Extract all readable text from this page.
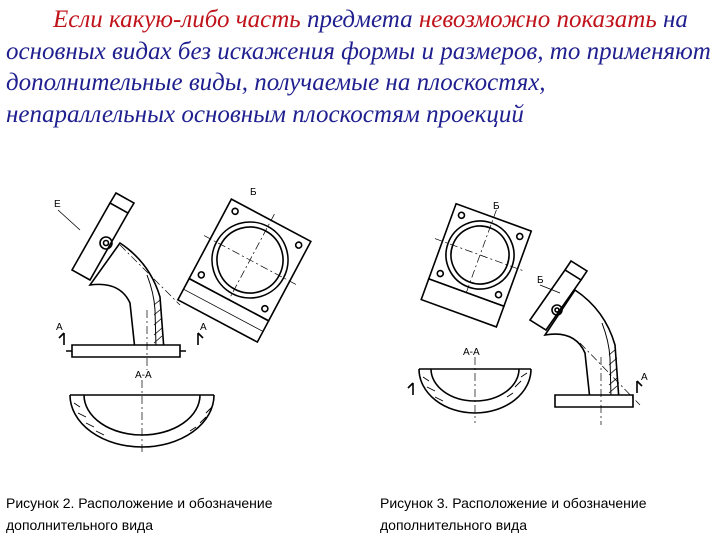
Если какую-либо часть предмета невозможно показать на основных видах без искажения формы и размеров, то применяют дополнительные виды, получаемые на плоскостях, непараллельных основным плоскостям проекций

Е
Б
А	А
А-А
Б
Б
А
А-А
Рисунок 2. Расположение и обозначение
дополнительного вида
Рисунок 3. Расположение и обозначение
дополнительного вида
